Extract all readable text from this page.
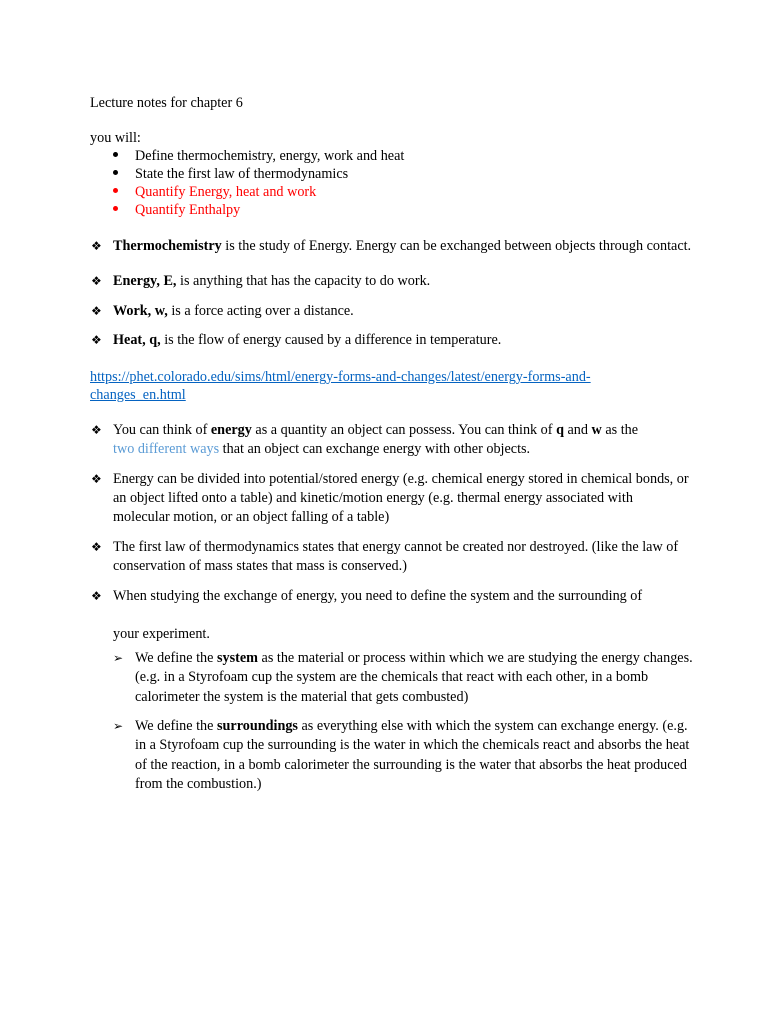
Lecture notes for chapter 6
you will:
Define thermochemistry, energy, work and heat
State the first law of thermodynamics
Quantify Energy, heat and work
Quantify Enthalpy
❖ Thermochemistry is the study of Energy. Energy can be exchanged between objects through contact.
❖ Energy, E, is anything that has the capacity to do work.
❖ Work, w, is a force acting over a distance.
❖ Heat, q, is the flow of energy caused by a difference in temperature.
https://phet.colorado.edu/sims/html/energy-forms-and-changes/latest/energy-forms-and-
changes_en.html
❖ You can think of energy as a quantity an object can possess. You can think of q and w as the
two different ways that an object can exchange energy with other objects.
❖ Energy can be divided into potential/stored energy (e.g. chemical energy stored in chemical bonds, or an object lifted onto a table) and kinetic/motion energy (e.g. thermal energy associated with molecular motion, or an object falling of a table)
❖ The first law of thermodynamics states that energy cannot be created nor destroyed. (like the law of conservation of mass states that mass is conserved.)
❖ When studying the exchange of energy, you need to define the system and the surrounding of
your experiment.
➢ We define the system as the material or process within which we are studying the energy changes. (e.g. in a Styrofoam cup the system are the chemicals that react with each other, in a bomb calorimeter the system is the material that gets combusted)
➢ We define the surroundings as everything else with which the system can exchange energy. (e.g. in a Styrofoam cup the surrounding is the water in which the chemicals react and absorbs the heat of the reaction, in a bomb calorimeter the surrounding is the water that absorbs the heat produced from the combustion.)
